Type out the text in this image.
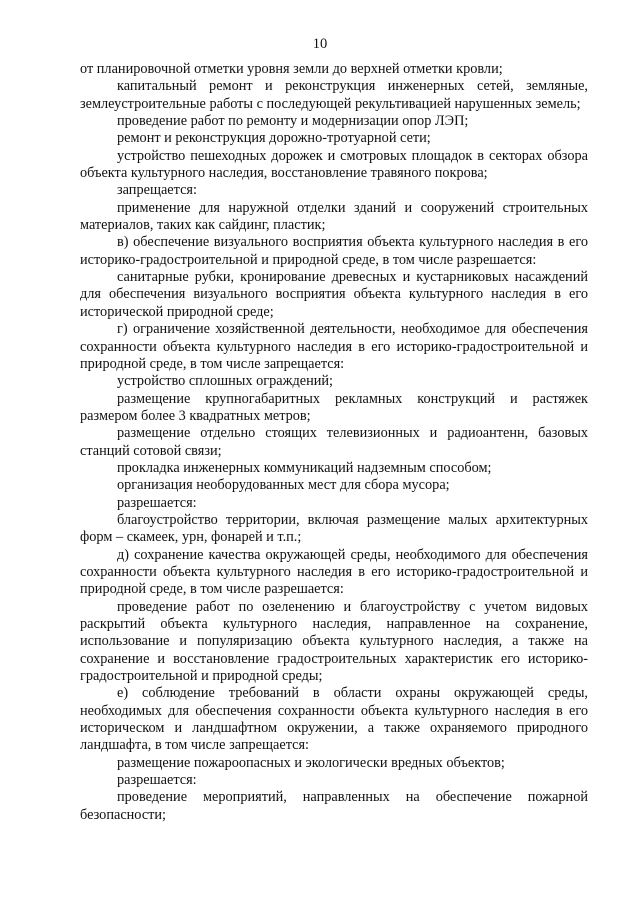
10

от планировочной отметки уровня земли до верхней отметки кровли;

капитальный ремонт и реконструкция инженерных сетей, земляные, землеустроительные работы с последующей рекультивацией нарушенных земель;

проведение работ по ремонту и модернизации опор ЛЭП;

ремонт и реконструкция дорожно-тротуарной сети;

устройство пешеходных дорожек и смотровых площадок в секторах обзора объекта культурного наследия, восстановление травяного покрова;

запрещается:

применение для наружной отделки зданий и сооружений строительных материалов, таких как сайдинг, пластик;

в) обеспечение визуального восприятия объекта культурного наследия в его историко-градостроительной и природной среде, в том числе разрешается:

санитарные рубки, кронирование древесных и кустарниковых насаждений для обеспечения визуального восприятия объекта культурного наследия в его исторической природной среде;

г) ограничение хозяйственной деятельности, необходимое для обеспечения сохранности объекта культурного наследия в его историко-градостроительной и природной среде, в том числе запрещается:

устройство сплошных ограждений;

размещение крупногабаритных рекламных конструкций и растяжек размером более 3 квадратных метров;

размещение отдельно стоящих телевизионных и радиоантенн, базовых станций сотовой связи;

прокладка инженерных коммуникаций надземным способом;

организация необорудованных мест для сбора мусора;

разрешается:

благоустройство территории, включая размещение малых архитектурных форм – скамеек, урн, фонарей и т.п.;

д) сохранение качества окружающей среды, необходимого для обеспечения сохранности объекта культурного наследия в его историко-градостроительной и природной среде, в том числе разрешается:

проведение работ по озеленению и благоустройству с учетом видовых раскрытий объекта культурного наследия, направленное на сохранение, использование и популяризацию объекта культурного наследия, а также на сохранение и восстановление градостроительных характеристик его историко-градостроительной и природной среды;

е) соблюдение требований в области охраны окружающей среды, необходимых для обеспечения сохранности объекта культурного наследия в его историческом и ландшафтном окружении, а также охраняемого природного ландшафта, в том числе запрещается:

размещение пожароопасных и экологически вредных объектов;

разрешается:

проведение мероприятий, направленных на обеспечение пожарной безопасности;
